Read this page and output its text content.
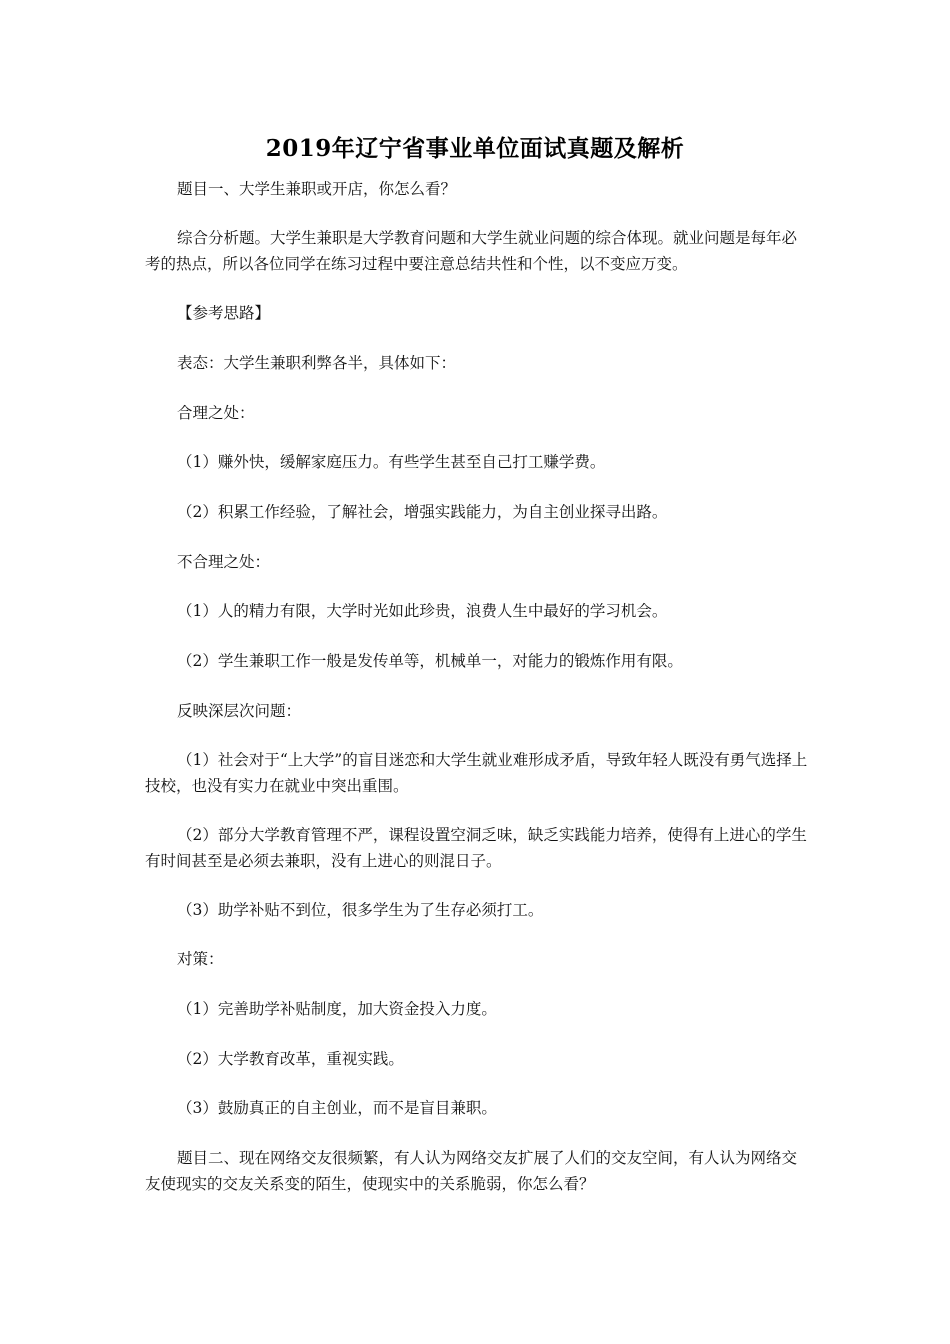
2019年辽宁省事业单位面试真题及解析

题目一、大学生兼职或开店，你怎么看？

综合分析题。大学生兼职是大学教育问题和大学生就业问题的综合体现。就业问题是每年必考的热点，所以各位同学在练习过程中要注意总结共性和个性，以不变应万变。

【参考思路】

表态：大学生兼职利弊各半，具体如下：

合理之处：

（1）赚外快，缓解家庭压力。有些学生甚至自己打工赚学费。

（2）积累工作经验，了解社会，增强实践能力，为自主创业探寻出路。

不合理之处：

（1）人的精力有限，大学时光如此珍贵，浪费人生中最好的学习机会。

（2）学生兼职工作一般是发传单等，机械单一，对能力的锻炼作用有限。

反映深层次问题：

（1）社会对于“上大学”的盲目迷恋和大学生就业难形成矛盾，导致年轻人既没有勇气选择上技校，也没有实力在就业中突出重围。

（2）部分大学教育管理不严，课程设置空洞乏味，缺乏实践能力培养，使得有上进心的学生有时间甚至是必须去兼职，没有上进心的则混日子。

（3）助学补贴不到位，很多学生为了生存必须打工。

对策：

（1）完善助学补贴制度，加大资金投入力度。

（2）大学教育改革，重视实践。

（3）鼓励真正的自主创业，而不是盲目兼职。

题目二、现在网络交友很频繁，有人认为网络交友扩展了人们的交友空间，有人认为网络交友使现实的交友关系变的陌生，使现实中的关系脆弱，你怎么看？
